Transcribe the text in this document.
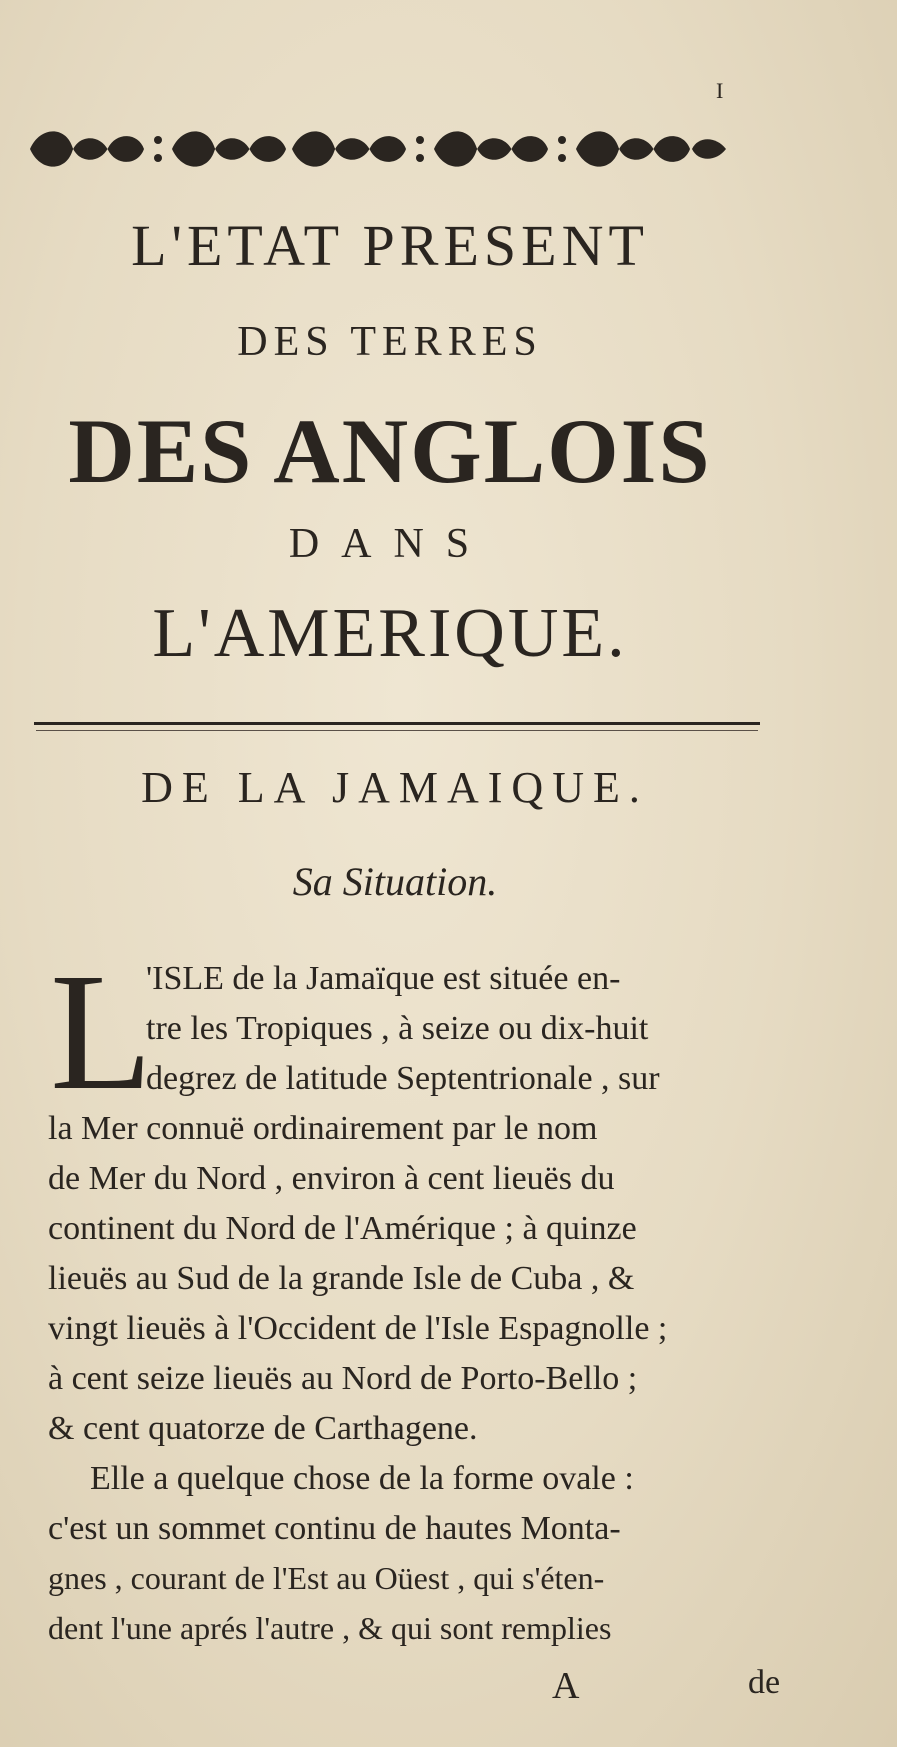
I
L'ETAT PRESENT
DES TERRES
DES ANGLOIS
DANS
L'AMERIQUE.
DE LA JAMAIQUE.
Sa Situation.
L
'ISLE de la Jamaïque est située en-
tre les Tropiques , à seize ou dix-huit
degrez de latitude Septentrionale , sur
la Mer connuë ordinairement par le nom
de Mer du Nord , environ à cent lieuës du
continent du Nord de l'Amérique ; à quinze
lieuës au Sud de la grande Isle de Cuba , &
vingt lieuës à l'Occident de l'Isle Espagnolle ;
à cent seize lieuës au Nord de Porto-Bello ;
& cent quatorze de Carthagene.
Elle a quelque chose de la forme ovale :
c'est un sommet continu de hautes Monta-
gnes , courant de l'Est au Oüest , qui s'éten-
dent l'une aprés l'autre , & qui sont remplies
A	de
